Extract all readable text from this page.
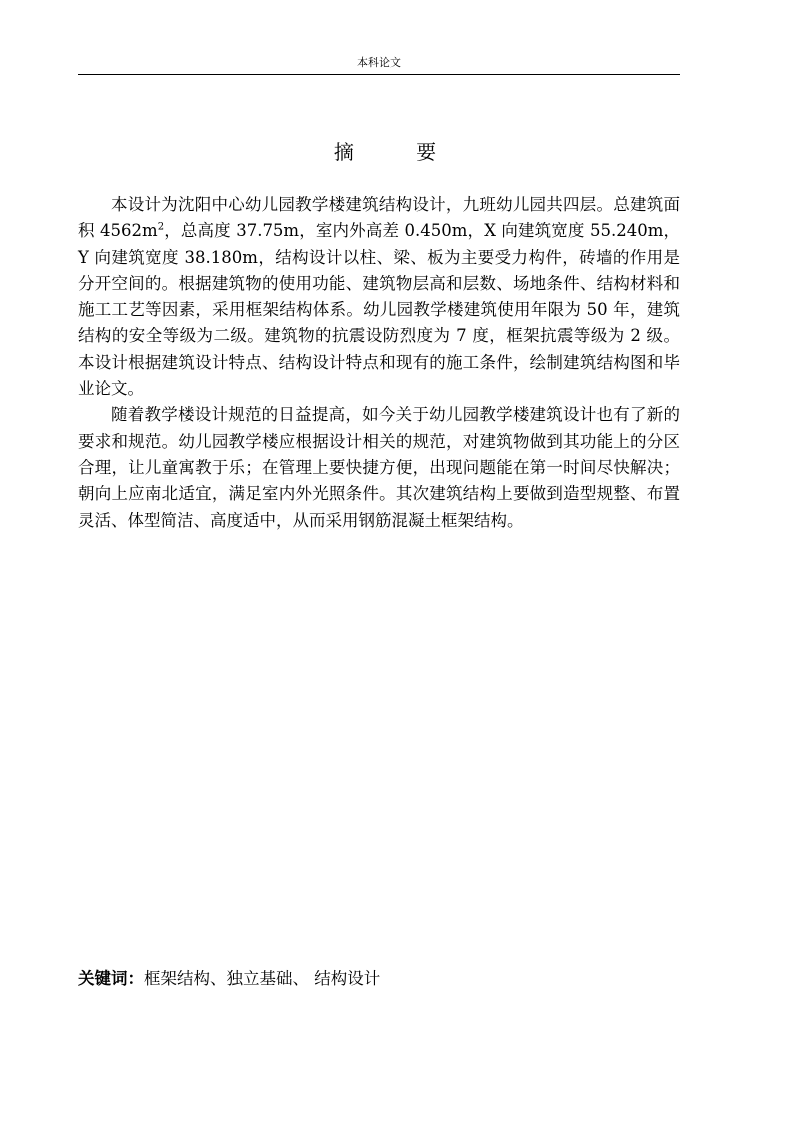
本科论文
摘 要

本设计为沈阳中心幼儿园教学楼建筑结构设计，九班幼儿园共四层。总建筑面积 $4562m^2$，总高度 37.75m，室内外高差 0.450m，X 向建筑宽度 55.240m，Y 向建筑宽度 38.180m，结构设计以柱、梁、板为主要受力构件，砖墙的作用是分开空间的。根据建筑物的使用功能、建筑物层高和层数、场地条件、结构材料和施工工艺等因素，采用框架结构体系。幼儿园教学楼建筑使用年限为 50 年，建筑结构的安全等级为二级。建筑物的抗震设防烈度为 7 度，框架抗震等级为 2 级。本设计根据建筑设计特点、结构设计特点和现有的施工条件，绘制建筑结构图和毕业论文。

随着教学楼设计规范的日益提高，如今关于幼儿园教学楼建筑设计也有了新的要求和规范。幼儿园教学楼应根据设计相关的规范，对建筑物做到其功能上的分区合理，让儿童寓教于乐；在管理上要快捷方便，出现问题能在第一时间尽快解决；朝向上应南北适宜，满足室内外光照条件。其次建筑结构上要做到造型规整、布置灵活、体型简洁、高度适中，从而采用钢筋混凝土框架结构。

关键词：框架结构、独立基础、 结构设计
